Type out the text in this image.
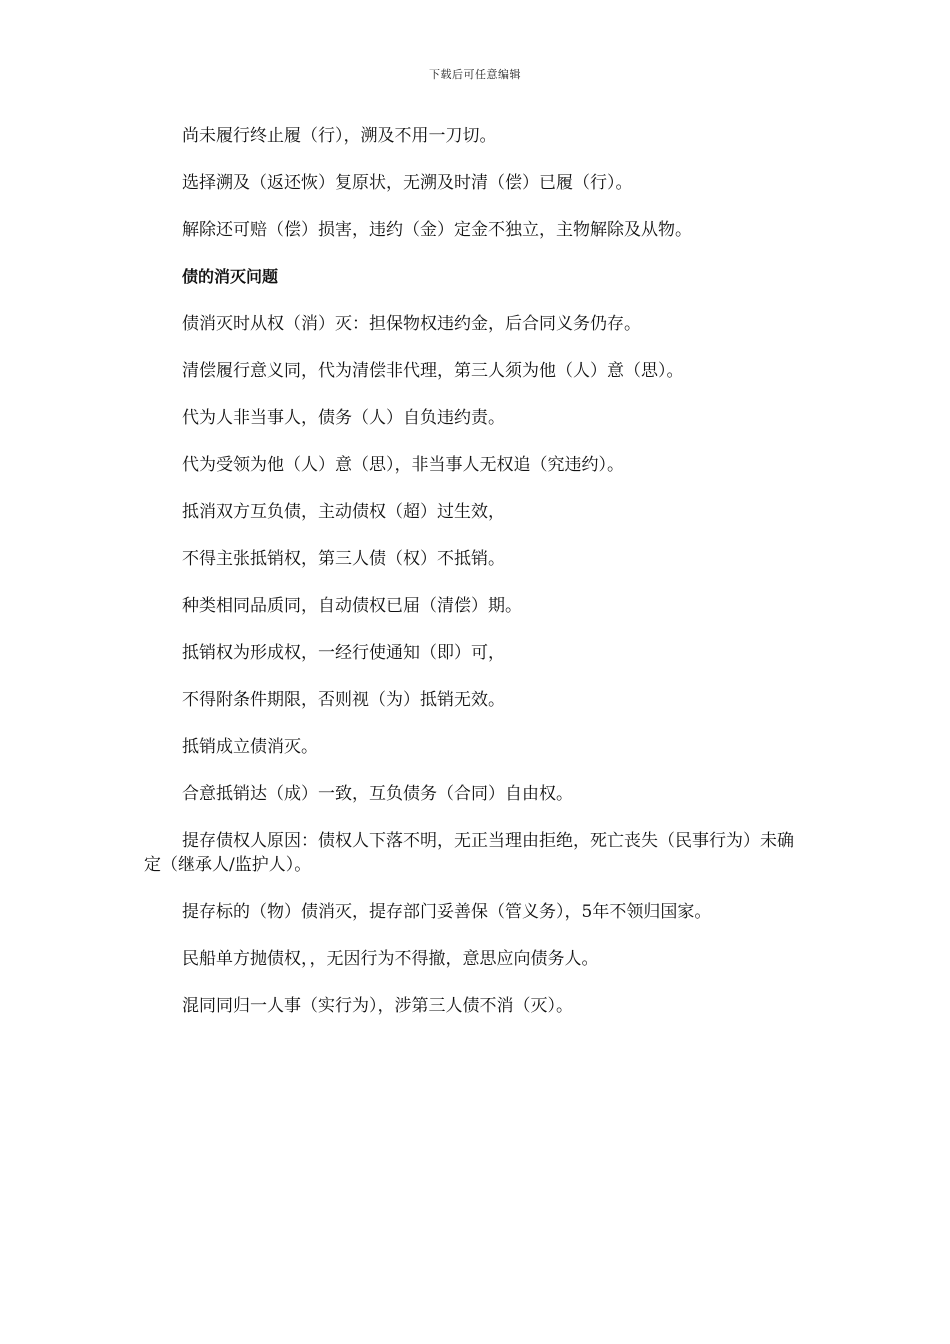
下载后可任意编辑

尚未履行终止履（行），溯及不用一刀切。

选择溯及（返还恢）复原状，无溯及时清（偿）已履（行）。

解除还可赔（偿）损害，违约（金）定金不独立，主物解除及从物。

债的消灭问题

债消灭时从权（消）灭：担保物权违约金，后合同义务仍存。

清偿履行意义同，代为清偿非代理，第三人须为他（人）意（思）。

代为人非当事人，债务（人）自负违约责。

代为受领为他（人）意（思），非当事人无权追（究违约）。

抵消双方互负债，主动债权（超）过生效，

不得主张抵销权，第三人债（权）不抵销。

种类相同品质同，自动债权已届（清偿）期。

抵销权为形成权，一经行使通知（即）可，

不得附条件期限，否则视（为）抵销无效。

抵销成立债消灭。

合意抵销达（成）一致，互负债务（合同）自由权。

提存债权人原因：债权人下落不明，无正当理由拒绝，死亡丧失（民事行为）未确定（继承人/监护人）。

提存标的（物）债消灭，提存部门妥善保（管义务），5年不领归国家。

民船单方抛债权，，无因行为不得撤，意思应向债务人。

混同同归一人事（实行为），涉第三人债不消（灭）。
